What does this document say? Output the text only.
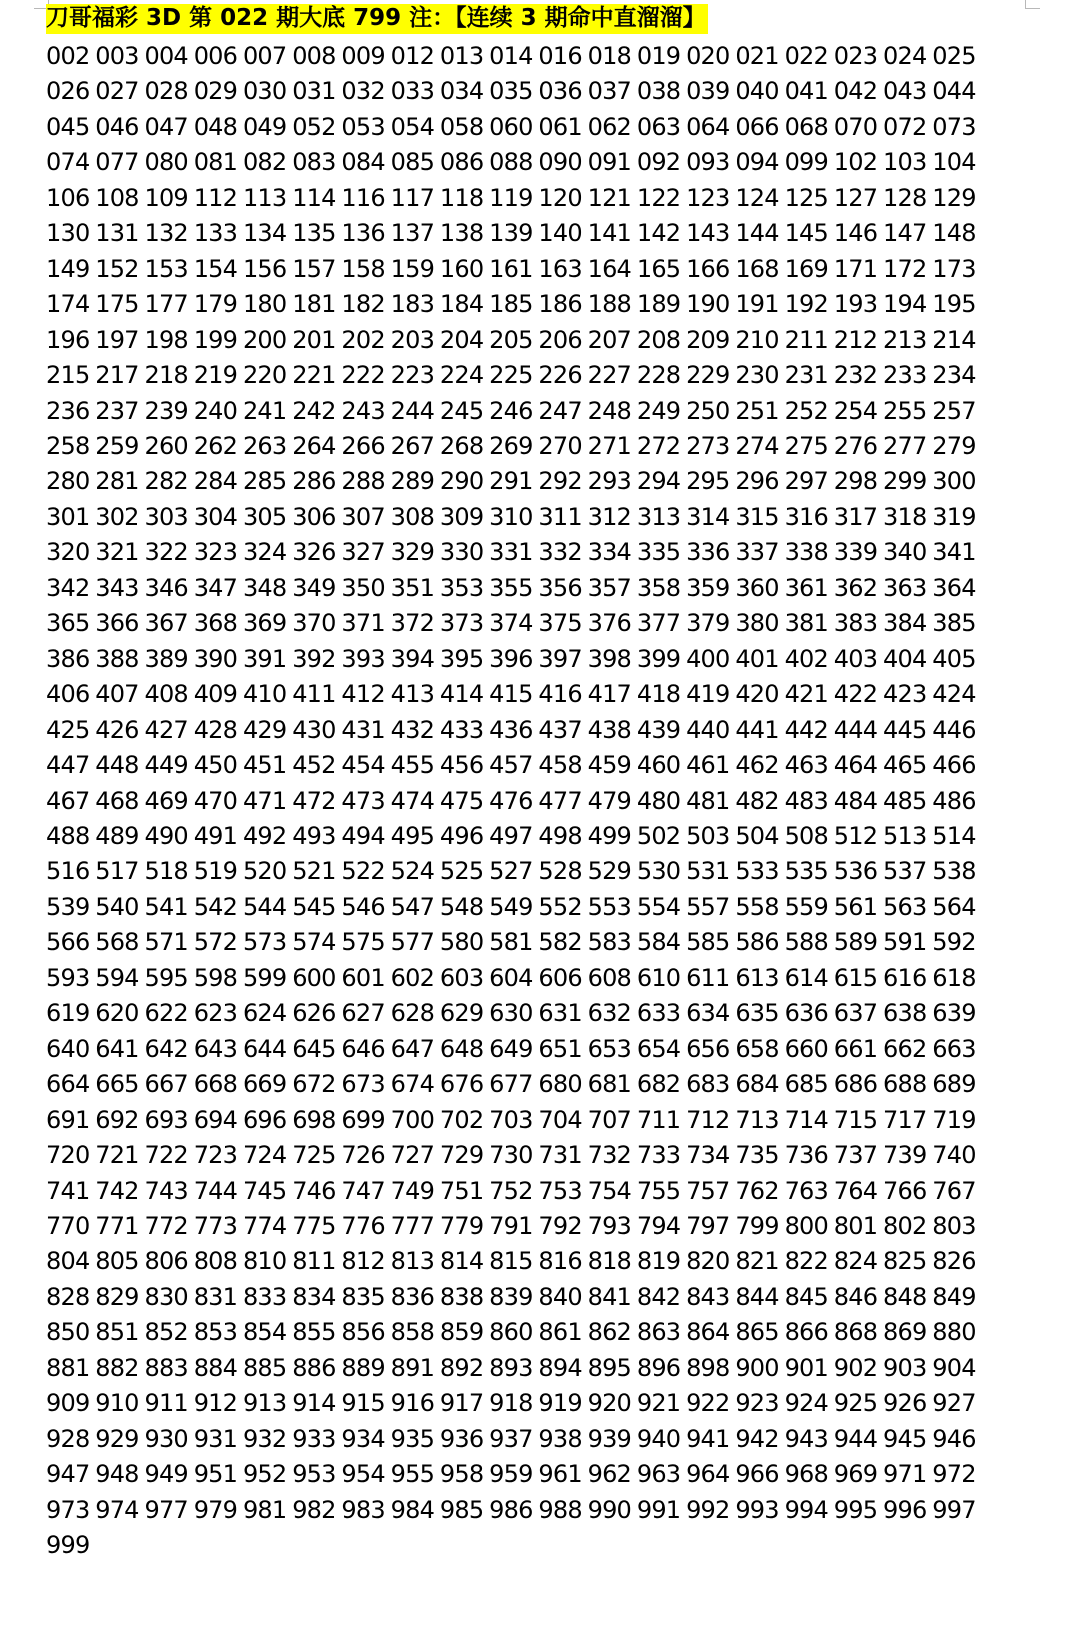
刀哥福彩 3D 第 022 期大底 799 注：【连续 3 期命中直溜溜】

002 003 004 006 007 008 009 012 013 014 016 018 019 020 021 022 023 024 025 026 027 028 029 030 031 032 033 034 035 036 037 038 039 040 041 042 043 044 045 046 047 048 049 052 053 054 058 060 061 062 063 064 066 068 070 072 073 074 077 080 081 082 083 084 085 086 088 090 091 092 093 094 099 102 103 104 106 108 109 112 113 114 116 117 118 119 120 121 122 123 124 125 127 128 129 130 131 132 133 134 135 136 137 138 139 140 141 142 143 144 145 146 147 148 149 152 153 154 156 157 158 159 160 161 163 164 165 166 168 169 171 172 173 174 175 177 179 180 181 182 183 184 185 186 188 189 190 191 192 193 194 195 196 197 198 199 200 201 202 203 204 205 206 207 208 209 210 211 212 213 214 215 217 218 219 220 221 222 223 224 225 226 227 228 229 230 231 232 233 234 236 237 239 240 241 242 243 244 245 246 247 248 249 250 251 252 254 255 257 258 259 260 262 263 264 266 267 268 269 270 271 272 273 274 275 276 277 279 280 281 282 284 285 286 288 289 290 291 292 293 294 295 296 297 298 299 300 301 302 303 304 305 306 307 308 309 310 311 312 313 314 315 316 317 318 319 320 321 322 323 324 326 327 329 330 331 332 334 335 336 337 338 339 340 341 342 343 346 347 348 349 350 351 353 355 356 357 358 359 360 361 362 363 364 365 366 367 368 369 370 371 372 373 374 375 376 377 379 380 381 383 384 385 386 388 389 390 391 392 393 394 395 396 397 398 399 400 401 402 403 404 405 406 407 408 409 410 411 412 413 414 415 416 417 418 419 420 421 422 423 424 425 426 427 428 429 430 431 432 433 436 437 438 439 440 441 442 444 445 446 447 448 449 450 451 452 454 455 456 457 458 459 460 461 462 463 464 465 466 467 468 469 470 471 472 473 474 475 476 477 479 480 481 482 483 484 485 486 488 489 490 491 492 493 494 495 496 497 498 499 502 503 504 508 512 513 514 516 517 518 519 520 521 522 524 525 527 528 529 530 531 533 535 536 537 538 539 540 541 542 544 545 546 547 548 549 552 553 554 557 558 559 561 563 564 566 568 571 572 573 574 575 577 580 581 582 583 584 585 586 588 589 591 592 593 594 595 598 599 600 601 602 603 604 606 608 610 611 613 614 615 616 618 619 620 622 623 624 626 627 628 629 630 631 632 633 634 635 636 637 638 639 640 641 642 643 644 645 646 647 648 649 651 653 654 656 658 660 661 662 663 664 665 667 668 669 672 673 674 676 677 680 681 682 683 684 685 686 688 689 691 692 693 694 696 698 699 700 702 703 704 707 711 712 713 714 715 717 719 720 721 722 723 724 725 726 727 729 730 731 732 733 734 735 736 737 739 740 741 742 743 744 745 746 747 749 751 752 753 754 755 757 762 763 764 766 767 770 771 772 773 774 775 776 777 779 791 792 793 794 797 799 800 801 802 803 804 805 806 808 810 811 812 813 814 815 816 818 819 820 821 822 824 825 826 828 829 830 831 833 834 835 836 838 839 840 841 842 843 844 845 846 848 849 850 851 852 853 854 855 856 858 859 860 861 862 863 864 865 866 868 869 880 881 882 883 884 885 886 889 891 892 893 894 895 896 898 900 901 902 903 904 909 910 911 912 913 914 915 916 917 918 919 920 921 922 923 924 925 926 927 928 929 930 931 932 933 934 935 936 937 938 939 940 941 942 943 944 945 946 947 948 949 951 952 953 954 955 958 959 961 962 963 964 966 968 969 971 972 973 974 977 979 981 982 983 984 985 986 988 990 991 992 993 994 995 996 997 999
